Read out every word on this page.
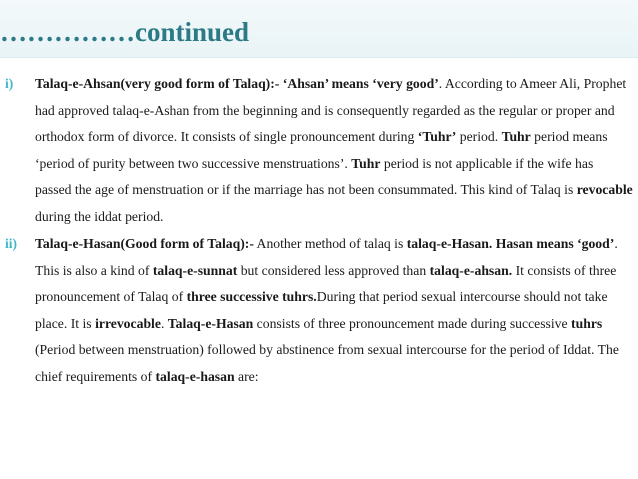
……………continued
i) Talaq-e-Ahsan(very good form of Talaq):- ‘Ahsan’ means ‘very good’. According to Ameer Ali, Prophet had approved talaq-e-Ashan from the beginning and is consequently regarded as the regular or proper and orthodox form of divorce. It consists of single pronouncement during ‘Tuhr’ period. Tuhr period means ‘period of purity between two successive menstruations’. Tuhr period is not applicable if the wife has passed the age of menstruation or if the marriage has not been consummated. This kind of Talaq is revocable during the iddat period.

ii) Talaq-e-Hasan(Good form of Talaq):- Another method of talaq is talaq-e-Hasan. Hasan means ‘good’. This is also a kind of talaq-e-sunnat but considered less approved than talaq-e-ahsan. It consists of three pronouncement of Talaq of three successive tuhrs.During that period sexual intercourse should not take place. It is irrevocable. Talaq-e-Hasan consists of three pronouncement made during successive tuhrs (Period between menstruation) followed by abstinence from sexual intercourse for the period of Iddat. The chief requirements of talaq-e-hasan are:
